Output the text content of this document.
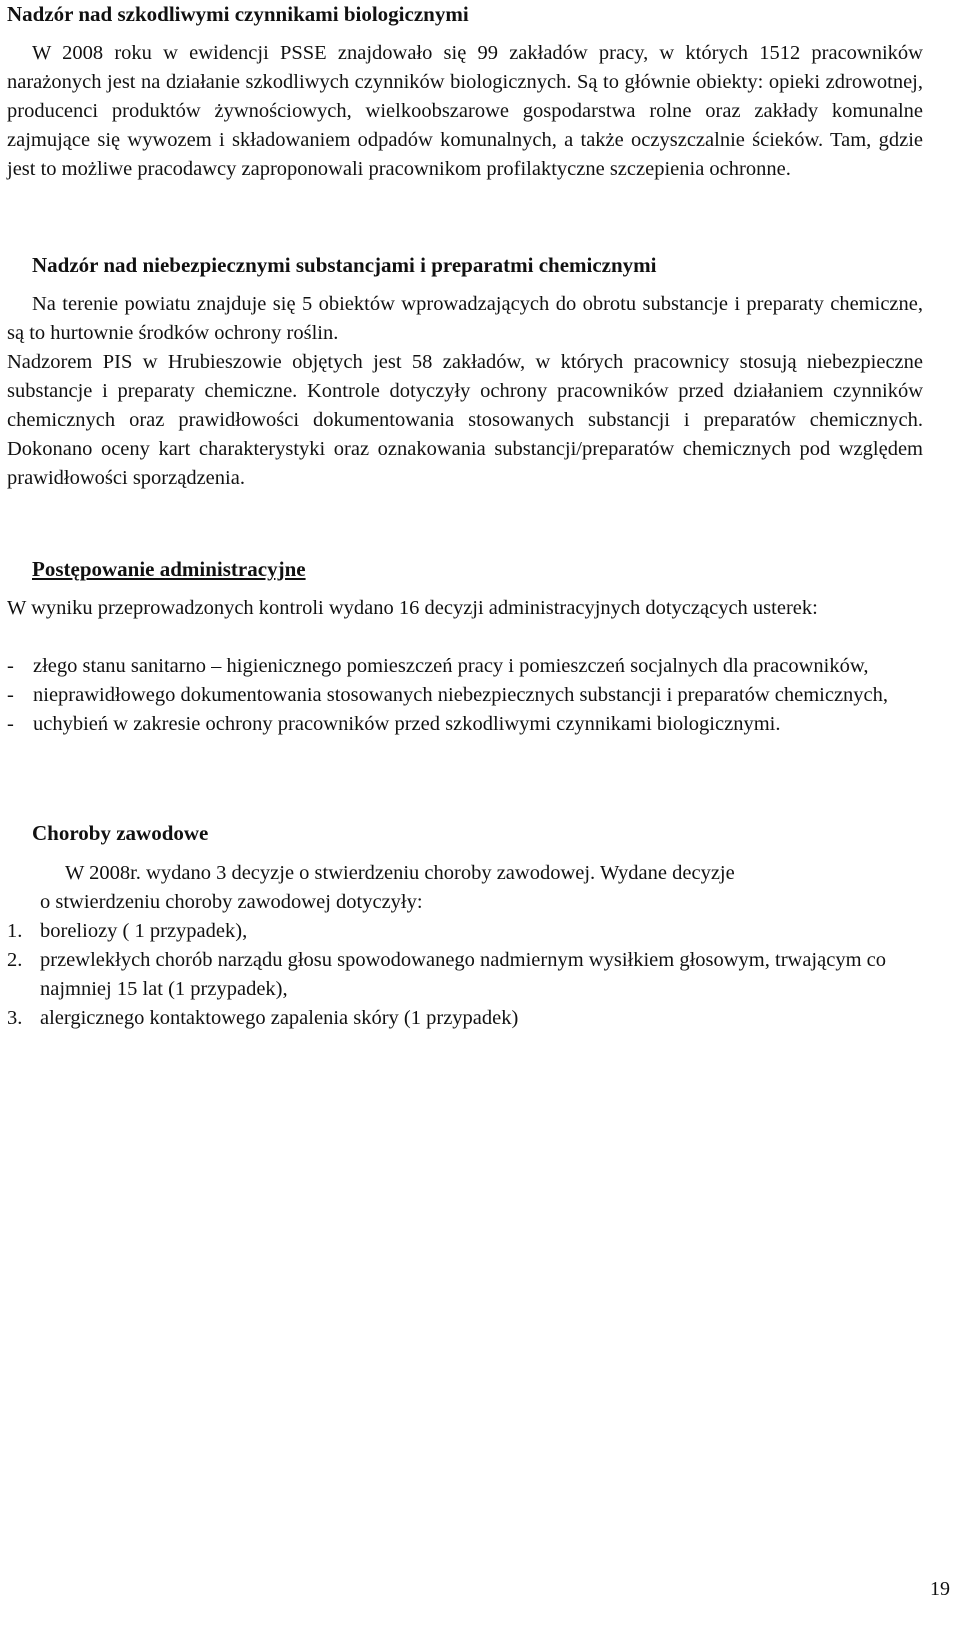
Nadzór nad szkodliwymi czynnikami biologicznymi

W 2008 roku w ewidencji PSSE znajdowało się 99 zakładów pracy, w których 1512 pracowników narażonych jest na działanie szkodliwych czynników biologicznych. Są to głównie obiekty: opieki zdrowotnej, producenci produktów żywnościowych, wielkoobszarowe gospodarstwa rolne oraz zakłady komunalne zajmujące się wywozem i składowaniem odpadów komunalnych, a także oczyszczalnie ścieków. Tam, gdzie jest to możliwe pracodawcy zaproponowali pracownikom profilaktyczne szczepienia ochronne.

Nadzór nad niebezpiecznymi substancjami i preparatmi chemicznymi

Na terenie powiatu znajduje się 5 obiektów wprowadzających do obrotu substancje i preparaty chemiczne, są to hurtownie środków ochrony roślin.

Nadzorem PIS w Hrubieszowie objętych jest 58 zakładów, w których pracownicy stosują niebezpieczne substancje i preparaty chemiczne. Kontrole dotyczyły ochrony pracowników przed działaniem czynników chemicznych oraz prawidłowości dokumentowania stosowanych substancji i preparatów chemicznych. Dokonano oceny kart charakterystyki oraz oznakowania substancji/preparatów chemicznych pod względem prawidłowości sporządzenia.

Postępowanie administracyjne

W wyniku przeprowadzonych kontroli wydano 16 decyzji administracyjnych dotyczących usterek:

- złego stanu sanitarno – higienicznego pomieszczeń pracy i pomieszczeń socjalnych dla pracowników,
- nieprawidłowego dokumentowania stosowanych niebezpiecznych substancji i preparatów chemicznych,
- uchybień w zakresie ochrony pracowników przed szkodliwymi czynnikami biologicznymi.
Choroby zawodowe

W 2008r. wydano 3 decyzje o stwierdzeniu choroby zawodowej. Wydane decyzje

o stwierdzeniu choroby zawodowej dotyczyły:

1. boreliozy ( 1 przypadek),
2. przewlekłych chorób narządu głosu spowodowanego nadmiernym wysiłkiem głosowym, trwającym co najmniej 15 lat (1 przypadek),
3. alergicznego kontaktowego zapalenia skóry (1 przypadek)
19
